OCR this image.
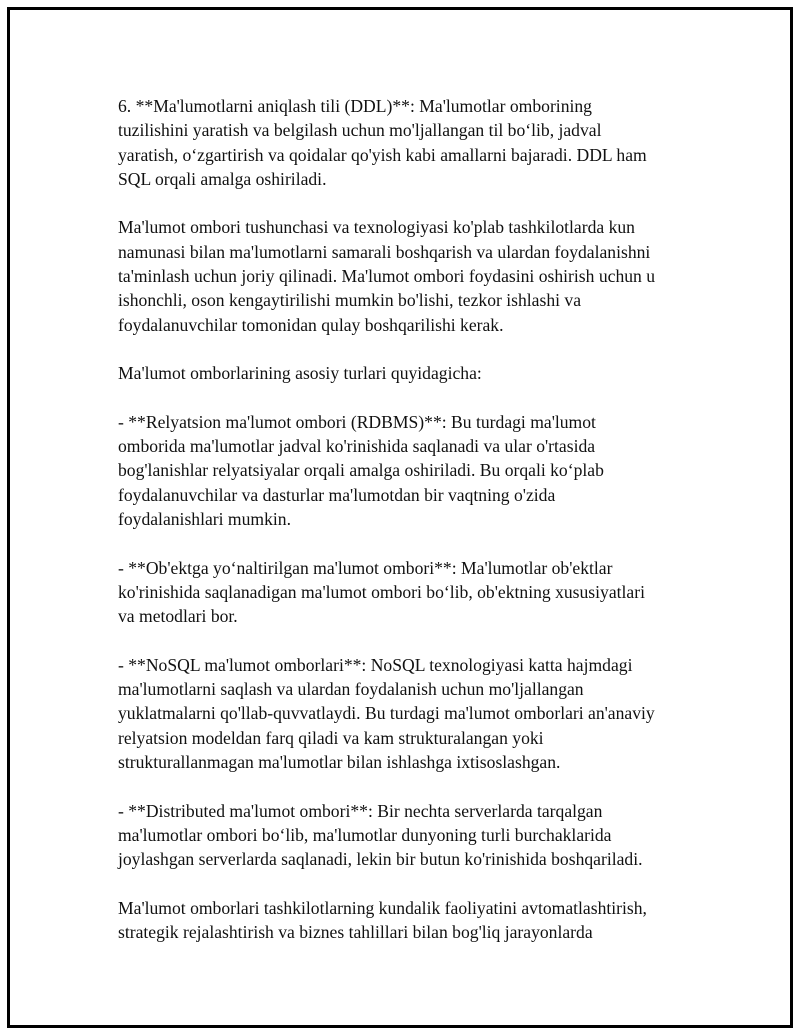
6. **Ma'lumotlarni aniqlash tili (DDL)**: Ma'lumotlar omborining
tuzilishini yaratish va belgilash uchun mo'ljallangan til bo‘lib, jadval
yaratish, o‘zgartirish va qoidalar qo'yish kabi amallarni bajaradi. DDL ham
SQL orqali amalga oshiriladi.

Ma'lumot ombori tushunchasi va texnologiyasi ko'plab tashkilotlarda kun
namunasi bilan ma'lumotlarni samarali boshqarish va ulardan foydalanishni
ta'minlash uchun joriy qilinadi. Ma'lumot ombori foydasini oshirish uchun u
ishonchli, oson kengaytirilishi mumkin bo'lishi, tezkor ishlashi va
foydalanuvchilar tomonidan qulay boshqarilishi kerak.

Ma'lumot omborlarining asosiy turlari quyidagicha:

- **Relyatsion ma'lumot ombori (RDBMS)**: Bu turdagi ma'lumot
omborida ma'lumotlar jadval ko'rinishida saqlanadi va ular o'rtasida
bog'lanishlar relyatsiyalar orqali amalga oshiriladi. Bu orqali ko‘plab
foydalanuvchilar va dasturlar ma'lumotdan bir vaqtning o'zida
foydalanishlari mumkin.

- **Ob'ektga yo‘naltirilgan ma'lumot ombori**: Ma'lumotlar ob'ektlar
ko'rinishida saqlanadigan ma'lumot ombori bo‘lib, ob'ektning xususiyatlari
va metodlari bor.

- **NoSQL ma'lumot omborlari**: NoSQL texnologiyasi katta hajmdagi
ma'lumotlarni saqlash va ulardan foydalanish uchun mo'ljallangan
yuklatmalarni qo'llab-quvvatlaydi. Bu turdagi ma'lumot omborlari an'anaviy
relyatsion modeldan farq qiladi va kam strukturalangan yoki
strukturallanmagan ma'lumotlar bilan ishlashga ixtisoslashgan.

- **Distributed ma'lumot ombori**: Bir nechta serverlarda tarqalgan
ma'lumotlar ombori bo‘lib, ma'lumotlar dunyoning turli burchaklarida
joylashgan serverlarda saqlanadi, lekin bir butun ko'rinishida boshqariladi.

Ma'lumot omborlari tashkilotlarning kundalik faoliyatini avtomatlashtirish,
strategik rejalashtirish va biznes tahlillari bilan bog'liq jarayonlarda
